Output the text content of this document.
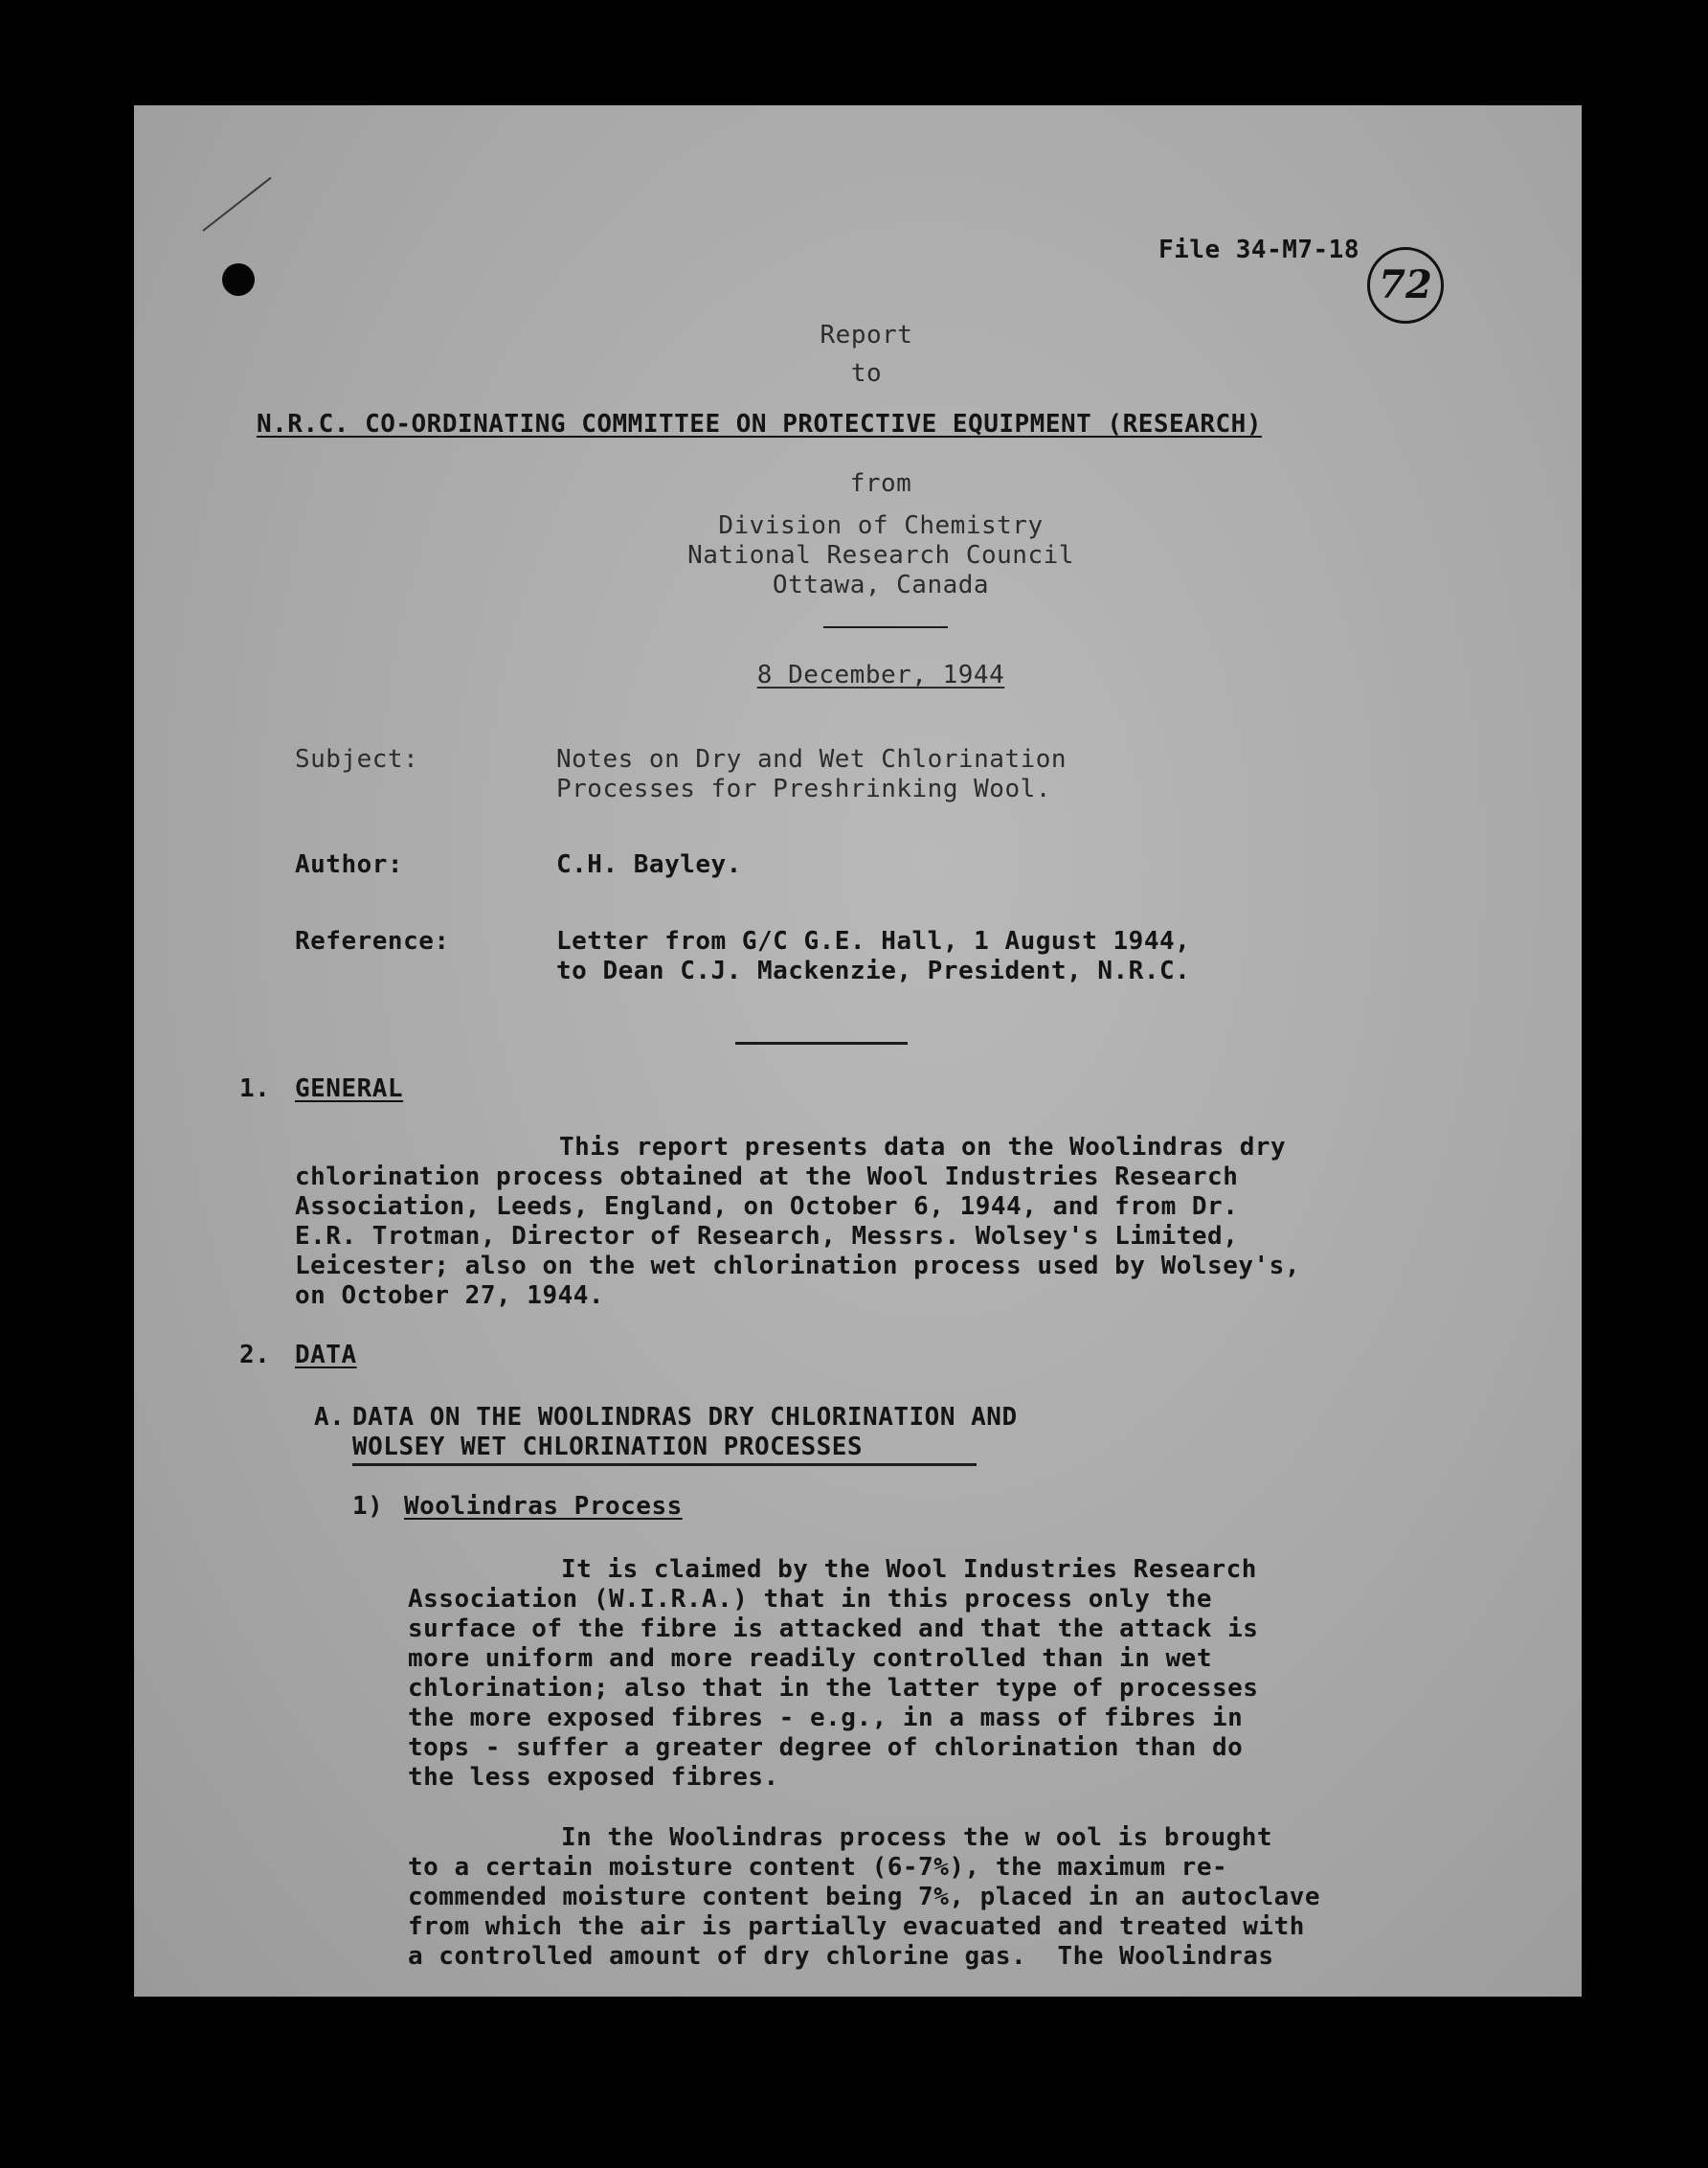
File 34-M7-18
72
Report
to
N.R.C. CO-ORDINATING COMMITTEE ON PROTECTIVE EQUIPMENT (RESEARCH)
from
Division of Chemistry
National Research Council
Ottawa, Canada
8 December, 1944
Subject:	Notes on Dry and Wet Chlorination
Processes for Preshrinking Wool.
Author:	C.H. Bayley.
Reference:	Letter from G/C G.E. Hall, 1 August 1944,
to Dean C.J. Mackenzie, President, N.R.C.
1. GENERAL
This report presents data on the Woolindras dry
chlorination process obtained at the Wool Industries Research
Association, Leeds, England, on October 6, 1944, and from Dr.
E.R. Trotman, Director of Research, Messrs. Wolsey's Limited,
Leicester; also on the wet chlorination process used by Wolsey's,
on October 27, 1944.
2. DATA
A. DATA ON THE WOOLINDRAS DRY CHLORINATION AND
WOLSEY WET CHLORINATION PROCESSES
1) Woolindras Process
It is claimed by the Wool Industries Research
Association (W.I.R.A.) that in this process only the
surface of the fibre is attacked and that the attack is
more uniform and more readily controlled than in wet
chlorination; also that in the latter type of processes
the more exposed fibres - e.g., in a mass of fibres in
tops - suffer a greater degree of chlorination than do
the less exposed fibres.
In the Woolindras process the w ool is brought
to a certain moisture content (6-7%), the maximum re-
commended moisture content being 7%, placed in an autoclave
from which the air is partially evacuated and treated with
a controlled amount of dry chlorine gas.  The Woolindras
